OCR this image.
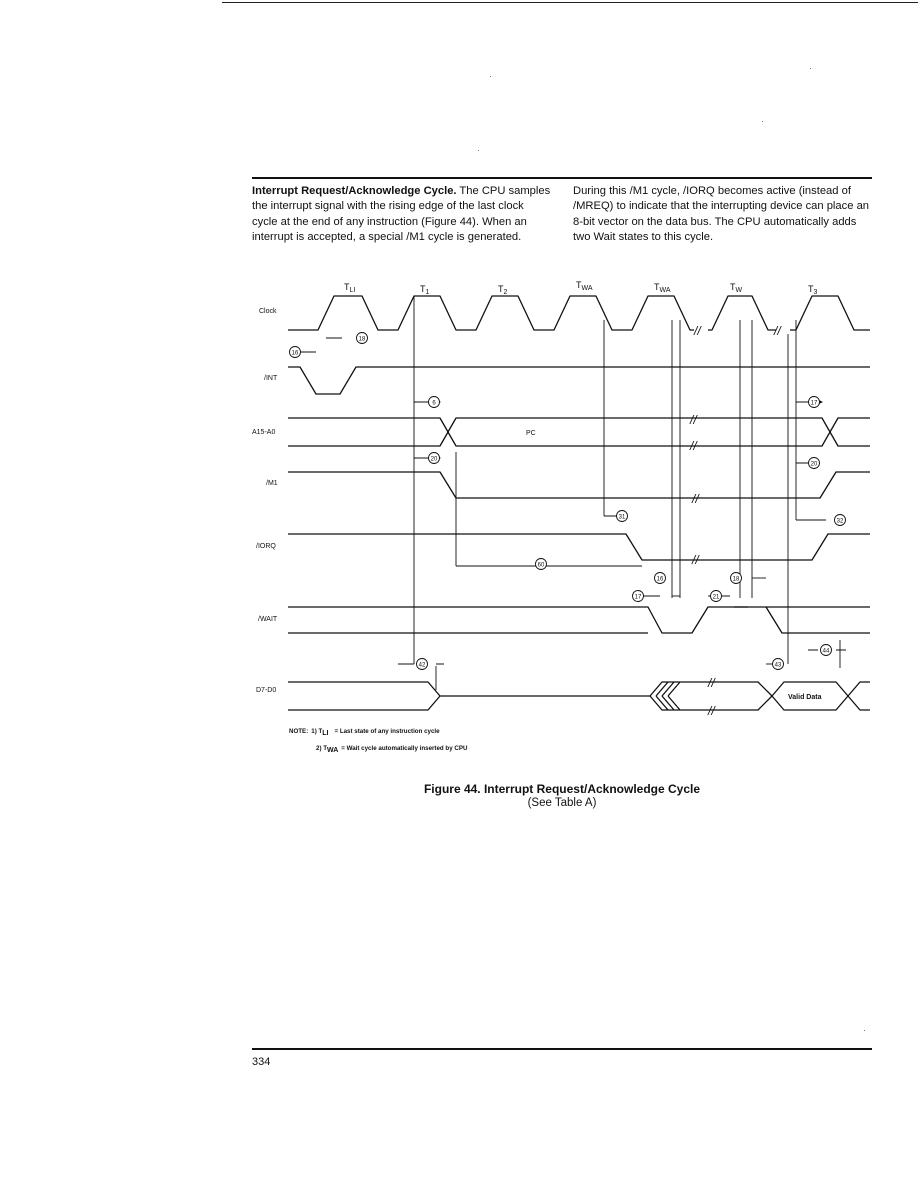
Interrupt Request/Acknowledge Cycle. The CPU samples the interrupt signal with the rising edge of the last clock cycle at the end of any instruction (Figure 44). When an interrupt is accepted, a special /M1 cycle is generated.
During this /M1 cycle, /IORQ becomes active (instead of /MREQ) to indicate that the interrupting device can place an 8-bit vector on the data bus. The CPU automatically adds two Wait states to this cycle.
//
//
//
//
//
//
//	//
$T_{LI}$	$T_1$	$T_2$
$T_{WA}$	$T_{WA}$	$T_W$	$T_3$
Clock
/INT
A15-A0
/M1
/IORQ
/WAIT
D7-D0
PC
Valid Data
16
18
6
20
31
60
16
17
18
32
20
17
21
42	43
44
NOTE: 1) TLI = Last state of any instruction cycle
2) TWA = Wait cycle automatically inserted by CPU
Figure 44. Interrupt Request/Acknowledge Cycle
(See Table A)
334
